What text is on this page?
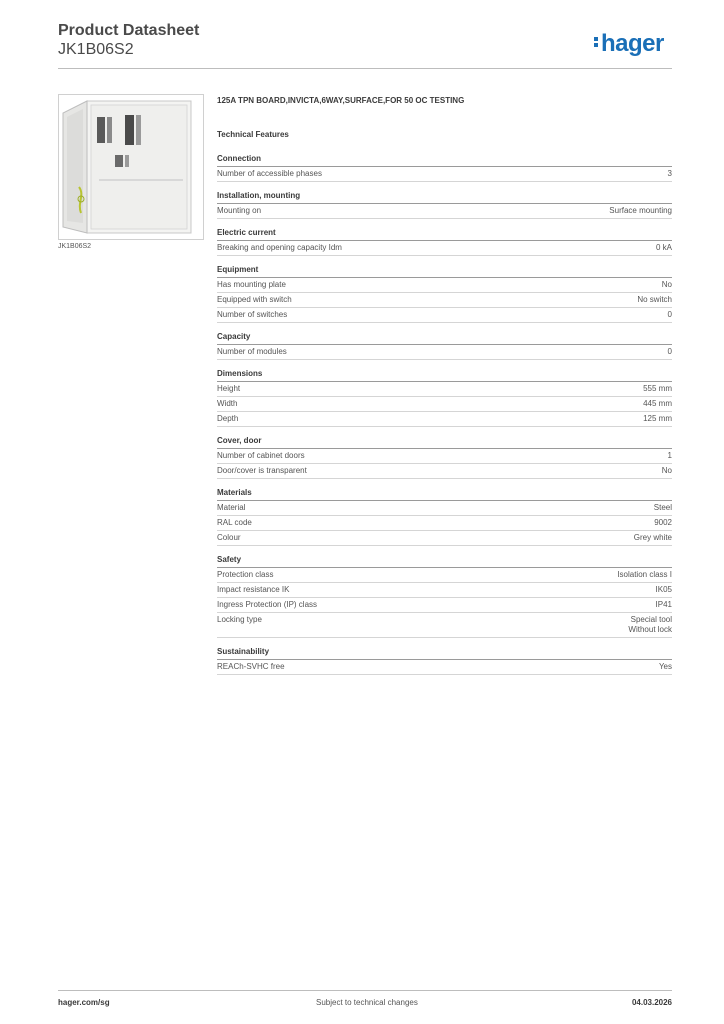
Product Datasheet
JK1B06S2	hager
JK1B06S2
125A TPN BOARD,INVICTA,6WAY,SURFACE,FOR 50 OC TESTING
Technical Features
Connection
Number of accessible phases	3
Installation, mounting
Mounting on	Surface mounting
Electric current
Breaking and opening capacity Idm	0 kA
Equipment
Has mounting plate	No
Equipped with switch	No switch
Number of switches	0
Capacity
Number of modules	0
Dimensions
Height	555 mm
Width	445 mm
Depth	125 mm
Cover, door
Number of cabinet doors	1
Door/cover is transparent	No
Materials
Material	Steel
RAL code	9002
Colour	Grey white
Safety
Protection class	Isolation class I
Impact resistance IK	IK05
Ingress Protection (IP) class	IP41
Locking type	Special tool
Without lock
Sustainability
REACh-SVHC free	Yes
hager.com/sg	Subject to technical changes	04.03.2026
